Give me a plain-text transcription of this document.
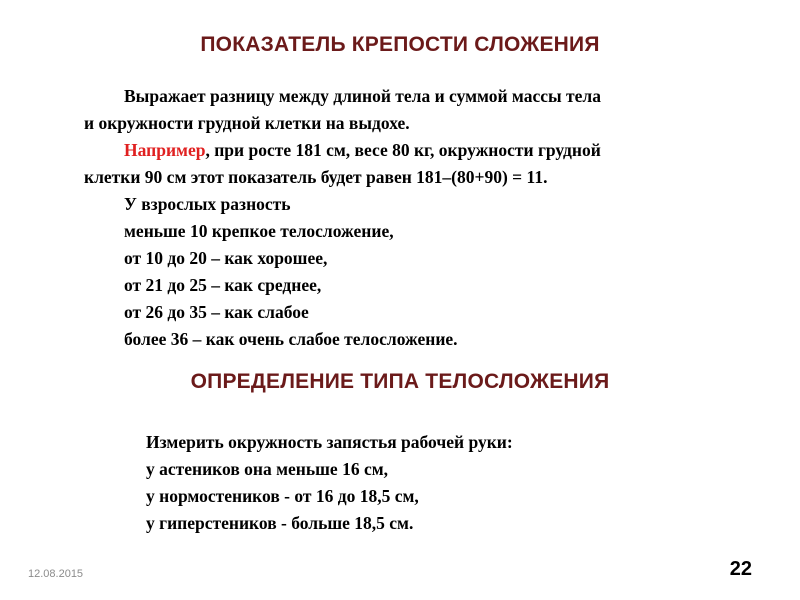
ПОКАЗАТЕЛЬ КРЕПОСТИ СЛОЖЕНИЯ

Выражает разницу между длиной тела и суммой массы тела

и окружности грудной клетки на выдохе.

Например, при росте 181 см, весе 80 кг, окружности грудной

клетки 90 см этот показатель будет равен 181–(80+90) = 11.

У взрослых разность

меньше 10 крепкое телосложение,

от 10 до 20 – как хорошее,

от 21 до 25 – как среднее,

от 26 до 35 – как слабое

более 36 – как очень слабое телосложение.

ОПРЕДЕЛЕНИЕ ТИПА ТЕЛОСЛОЖЕНИЯ

Измерить окружность запястья рабочей руки:

у астеников она меньше 16 см,

у нормостеников - от 16 до 18,5 см,

у гиперстеников - больше 18,5 см.

12.08.2015	22
